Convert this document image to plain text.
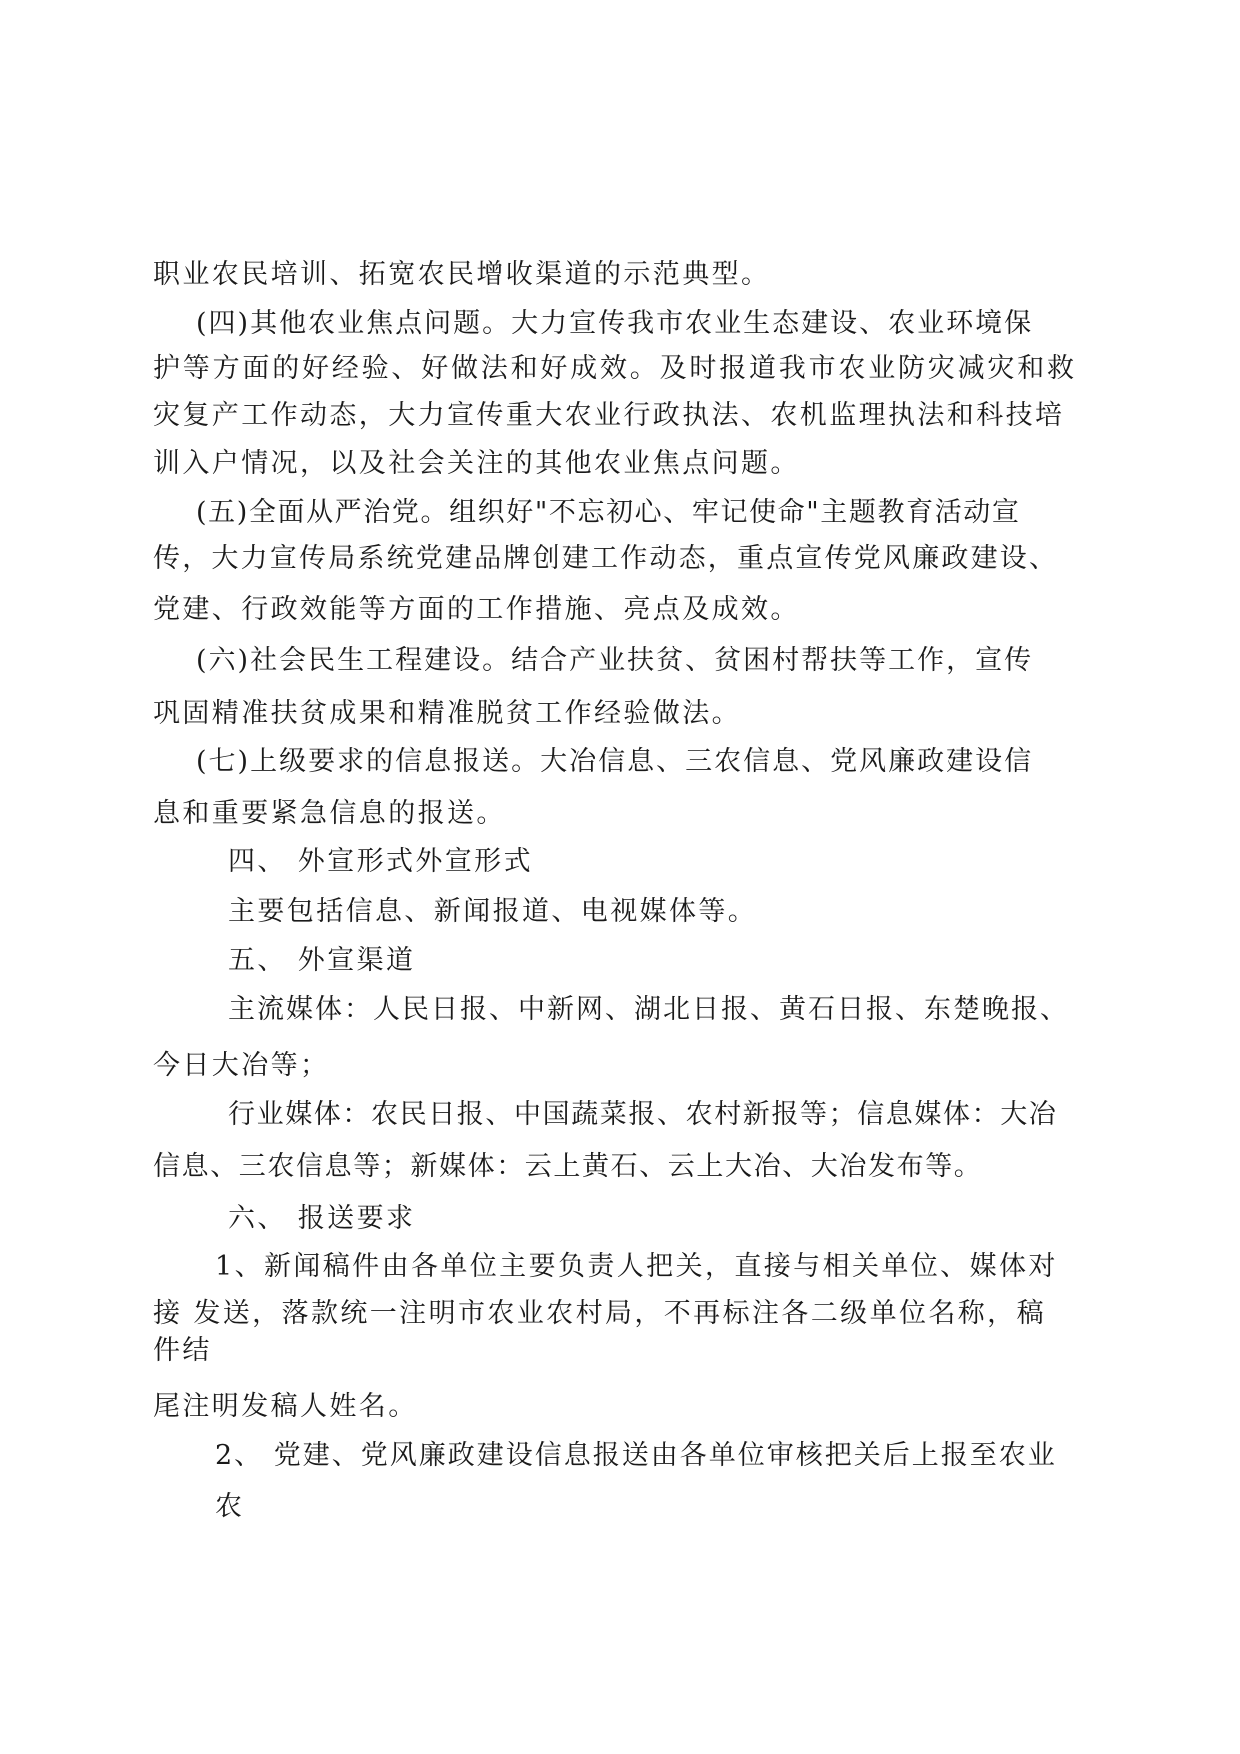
职业农民培训、拓宽农民增收渠道的示范典型。
(四)其他农业焦点问题。大力宣传我市农业生态建设、农业环境保
护等方面的好经验、好做法和好成效。及时报道我市农业防灾减灾和救
灾复产工作动态，大力宣传重大农业行政执法、农机监理执法和科技培
训入户情况，以及社会关注的其他农业焦点问题。
(五)全面从严治党。组织好"不忘初心、牢记使命"主题教育活动宣
传，大力宣传局系统党建品牌创建工作动态，重点宣传党风廉政建设、
党建、行政效能等方面的工作措施、亮点及成效。
(六)社会民生工程建设。结合产业扶贫、贫困村帮扶等工作，宣传
巩固精准扶贫成果和精准脱贫工作经验做法。
(七)上级要求的信息报送。大冶信息、三农信息、党风廉政建设信
息和重要紧急信息的报送。
四、 外宣形式外宣形式
主要包括信息、新闻报道、电视媒体等。
五、 外宣渠道
主流媒体：人民日报、中新网、湖北日报、黄石日报、东楚晚报、
今日大冶等；
行业媒体：农民日报、中国蔬菜报、农村新报等；信息媒体：大冶
信息、三农信息等；新媒体：云上黄石、云上大冶、大冶发布等。
六、 报送要求
1、新闻稿件由各单位主要负责人把关，直接与相关单位、媒体对
接 发送，落款统一注明市农业农村局，不再标注各二级单位名称，稿
件结
尾注明发稿人姓名。
2、 党建、党风廉政建设信息报送由各单位审核把关后上报至农业
农
